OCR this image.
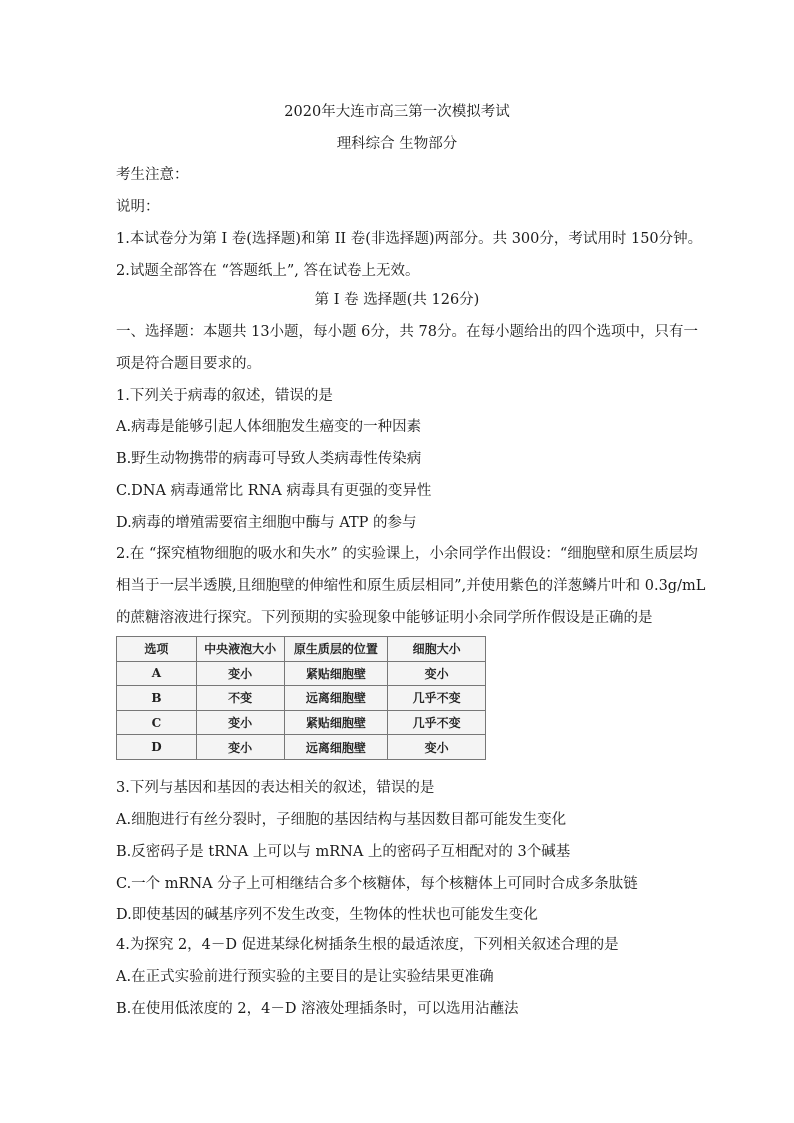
2020年大连市高三第一次模拟考试
理科综合 生物部分
考生注意：
说明：
1.本试卷分为第 I 卷(选择题)和第 II 卷(非选择题)两部分。共 300分，考试用时 150分钟。
2.试题全部答在 “答题纸上”, 答在试卷上无效。
第 I 卷 选择题(共 126分)
一、选择题：本题共 13小题，每小题 6分，共 78分。在每小题给出的四个选项中，只有一
项是符合题目要求的。
1.下列关于病毒的叙述，错误的是
A.病毒是能够引起人体细胞发生癌变的一种因素
B.野生动物携带的病毒可导致人类病毒性传染病
C.DNA 病毒通常比 RNA 病毒具有更强的变异性
D.病毒的增殖需要宿主细胞中酶与 ATP 的参与
2.在 “探究植物细胞的吸水和失水” 的实验课上，小余同学作出假设：“细胞壁和原生质层均
相当于一层半透膜,且细胞壁的伸缩性和原生质层相同”,并使用紫色的洋葱鳞片叶和 0.3g/mL
的蔗糖溶液进行探究。下列预期的实验现象中能够证明小余同学所作假设是正确的是
选项	中央液泡大小	原生质层的位置	细胞大小
A	变小	紧贴细胞壁	变小
B	不变	远离细胞壁	几乎不变
C	变小	紧贴细胞壁	几乎不变
D	变小	远离细胞壁	变小
3.下列与基因和基因的表达相关的叙述，错误的是
A.细胞进行有丝分裂时，子细胞的基因结构与基因数目都可能发生变化
B.反密码子是 tRNA 上可以与 mRNA 上的密码子互相配对的 3个碱基
C.一个 mRNA 分子上可相继结合多个核糖体，每个核糖体上可同时合成多条肽链
D.即使基因的碱基序列不发生改变，生物体的性状也可能发生变化
4.为探究 2，4－D 促进某绿化树插条生根的最适浓度，下列相关叙述合理的是
A.在正式实验前进行预实验的主要目的是让实验结果更准确
B.在使用低浓度的 2，4－D 溶液处理插条时，可以选用沾蘸法
